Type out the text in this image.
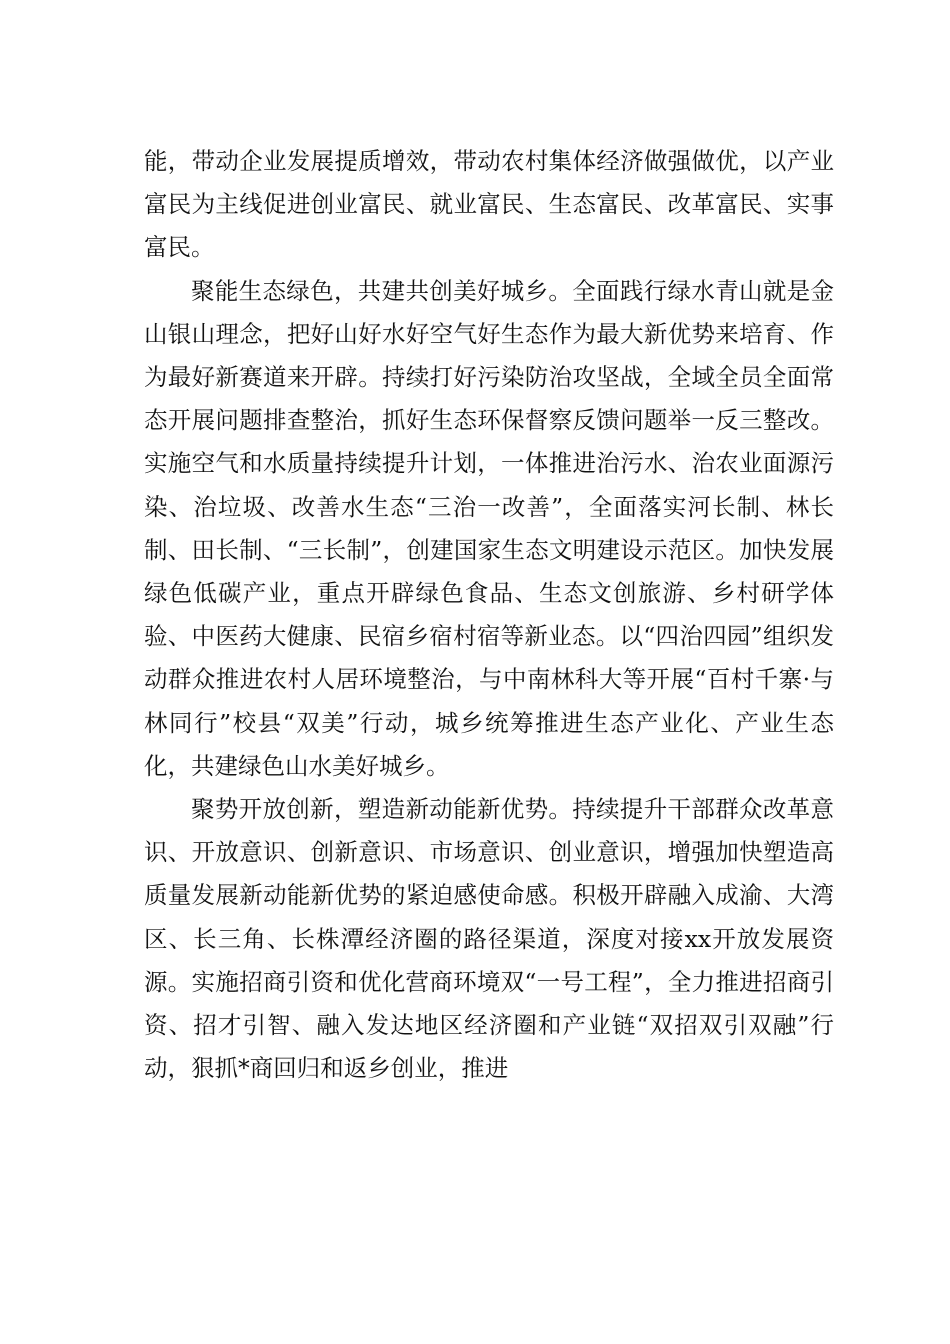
能，带动企业发展提质增效，带动农村集体经济做强做优，以产业富民为主线促进创业富民、就业富民、生态富民、改革富民、实事富民。

聚能生态绿色，共建共创美好城乡。全面践行绿水青山就是金山银山理念，把好山好水好空气好生态作为最大新优势来培育、作为最好新赛道来开辟。持续打好污染防治攻坚战，全域全员全面常态开展问题排查整治，抓好生态环保督察反馈问题举一反三整改。实施空气和水质量持续提升计划，一体推进治污水、治农业面源污染、治垃圾、改善水生态“三治一改善”，全面落实河长制、林长制、田长制、“三长制”，创建国家生态文明建设示范区。加快发展绿色低碳产业，重点开辟绿色食品、生态文创旅游、乡村研学体验、中医药大健康、民宿乡宿村宿等新业态。以“四治四园”组织发动群众推进农村人居环境整治，与中南林科大等开展“百村千寨·与林同行”校县“双美”行动，城乡统筹推进生态产业化、产业生态化，共建绿色山水美好城乡。

聚势开放创新，塑造新动能新优势。持续提升干部群众改革意识、开放意识、创新意识、市场意识、创业意识，增强加快塑造高质量发展新动能新优势的紧迫感使命感。积极开辟融入成渝、大湾区、长三角、长株潭经济圈的路径渠道，深度对接xx开放发展资源。实施招商引资和优化营商环境双“一号工程”，全力推进招商引资、招才引智、融入发达地区经济圈和产业链“双招双引双融”行动，狠抓*商回归和返乡创业，推进
